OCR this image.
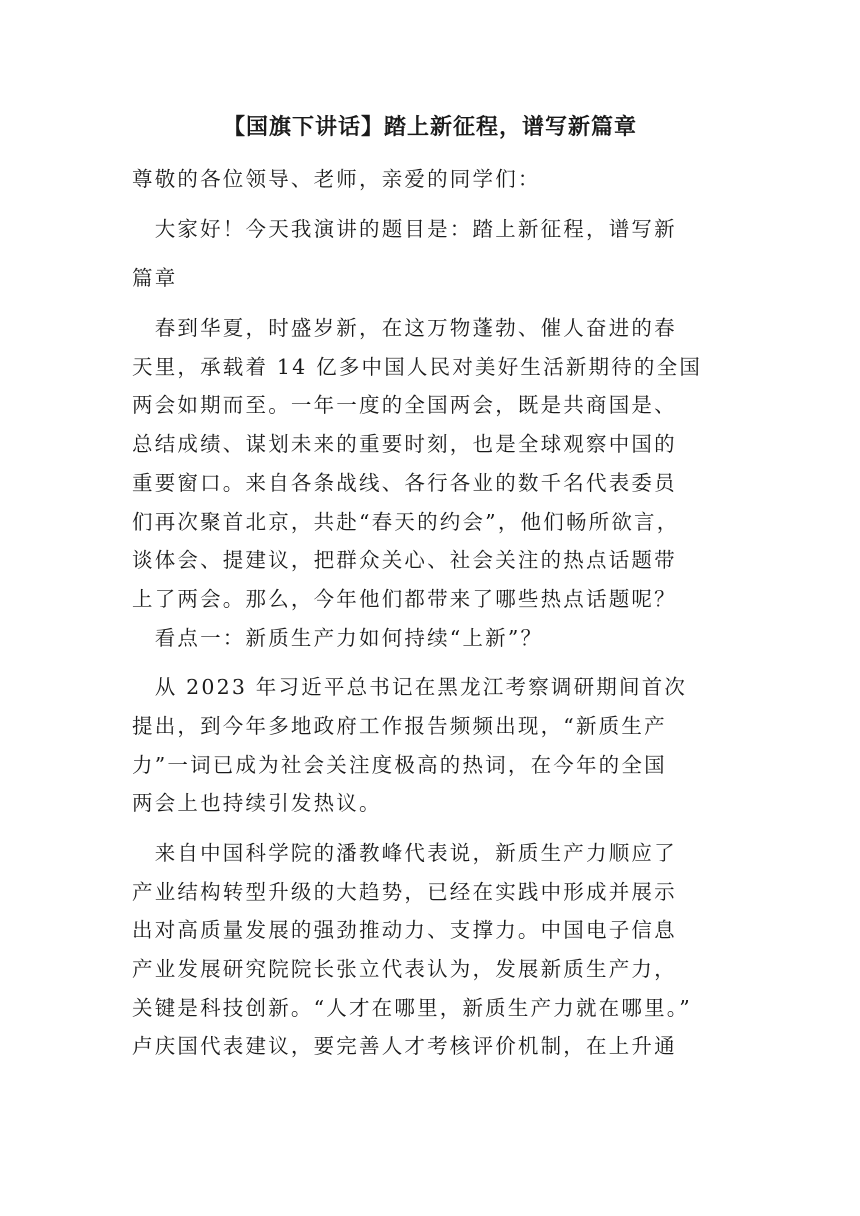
【国旗下讲话】踏上新征程，谱写新篇章
尊敬的各位领导、老师，亲爱的同学们：
　大家好！今天我演讲的题目是：踏上新征程，谱写新
篇章
　春到华夏，时盛岁新，在这万物蓬勃、催人奋进的春
天里，承载着 14 亿多中国人民对美好生活新期待的全国
两会如期而至。一年一度的全国两会，既是共商国是、
总结成绩、谋划未来的重要时刻，也是全球观察中国的
重要窗口。来自各条战线、各行各业的数千名代表委员
们再次聚首北京，共赴“春天的约会”，他们畅所欲言，
谈体会、提建议，把群众关心、社会关注的热点话题带
上了两会。那么，今年他们都带来了哪些热点话题呢？
　看点一：新质生产力如何持续“上新”？
　从 2023 年习近平总书记在黑龙江考察调研期间首次
提出，到今年多地政府工作报告频频出现，“新质生产
力”一词已成为社会关注度极高的热词，在今年的全国
两会上也持续引发热议。
　来自中国科学院的潘教峰代表说，新质生产力顺应了
产业结构转型升级的大趋势，已经在实践中形成并展示
出对高质量发展的强劲推动力、支撑力。中国电子信息
产业发展研究院院长张立代表认为，发展新质生产力，
关键是科技创新。“人才在哪里，新质生产力就在哪里。”
卢庆国代表建议，要完善人才考核评价机制，在上升通
